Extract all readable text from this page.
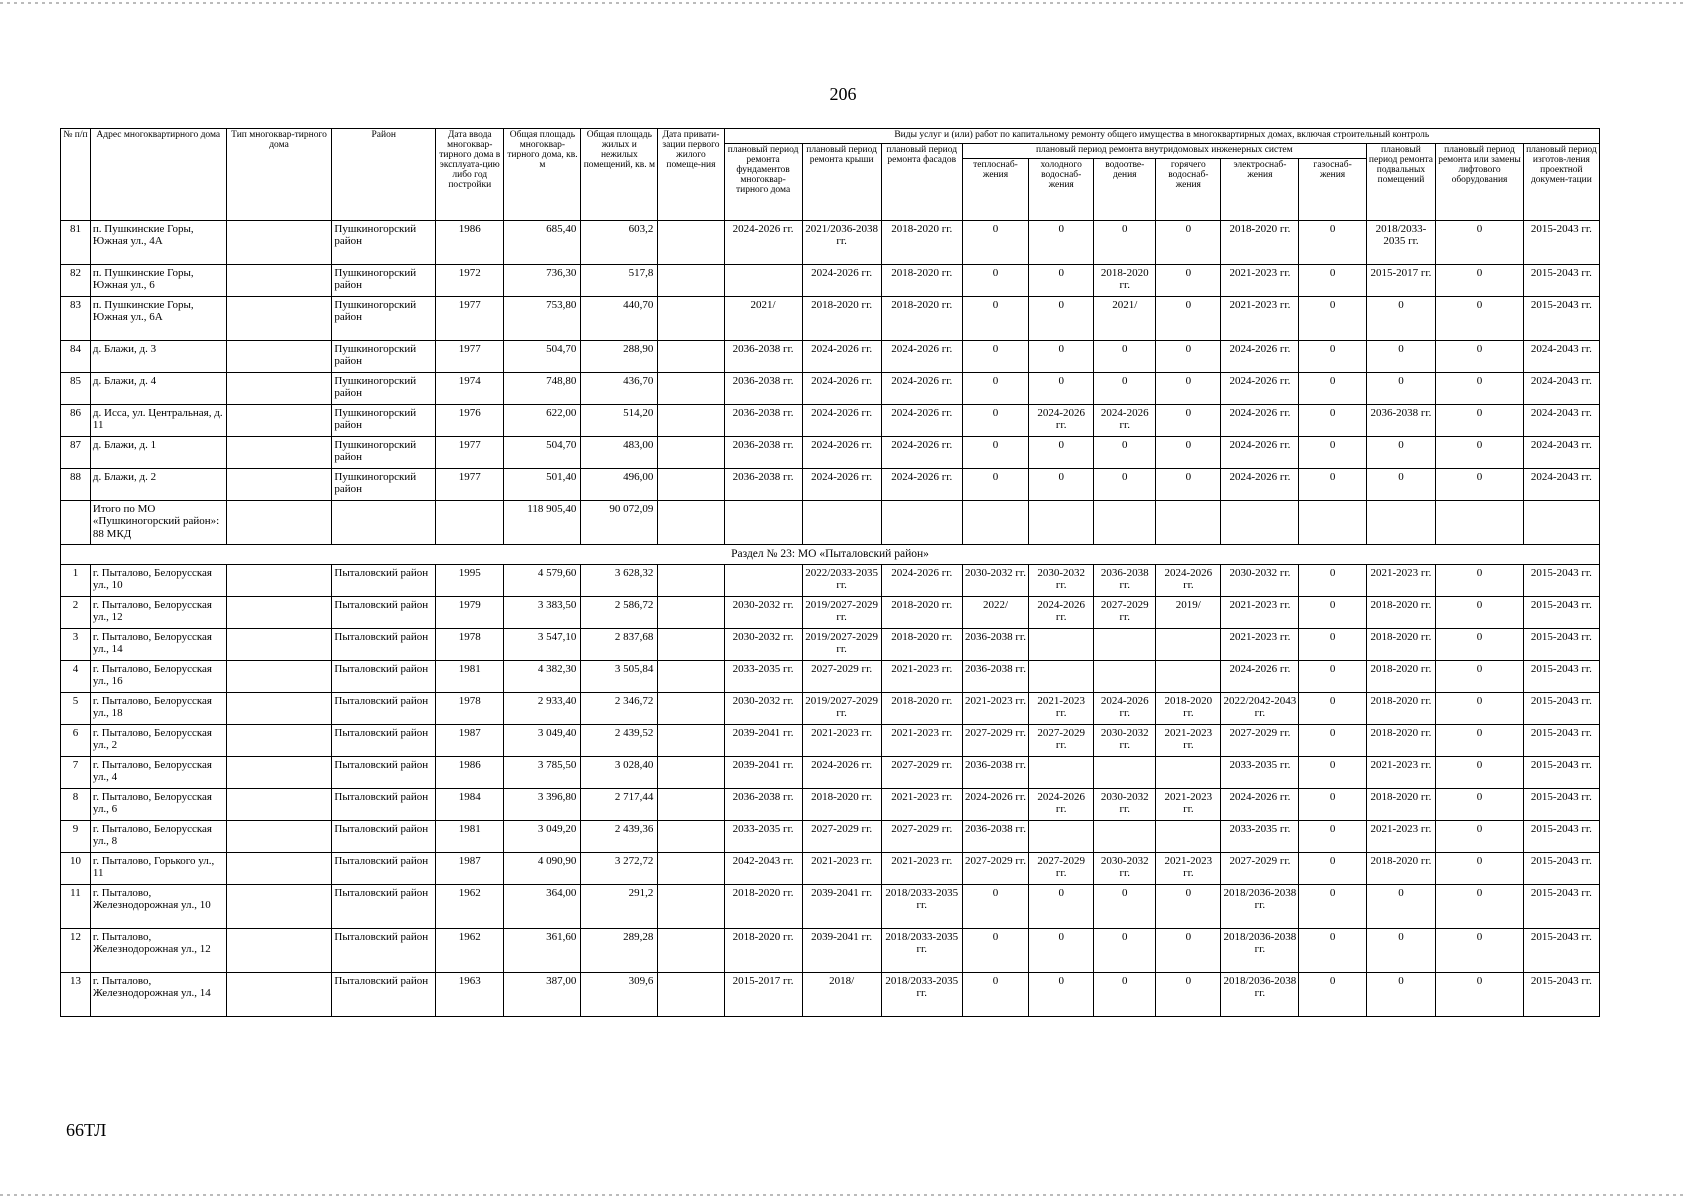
206
№ п/п	Адрес многоквартирного дома	Тип многоквар-тирного дома	Район	Дата ввода многоквар-тирного дома в эксплуата-цию либо год постройки	Общая площадь многоквар-тирного дома, кв. м	Общая площадь жилых и нежилых помещений, кв. м	Дата привати-зации первого жилого помеще-ния	Виды услуг и (или) работ по капитальному ремонту общего имущества в многоквартирных домах, включая строительный контроль											
								плановый период ремонта фундаментов многоквар-тирного дома	плановый период ремонта крыши	плановый период ремонта фасадов	плановый период ремонта внутридомовых инженерных систем						плановый период ремонта подвальных помещений	плановый период ремонта или замены лифтового оборудования	плановый период изготов-ления проектной докумен-тации
											теплоснаб-жения	холодного водоснаб-жения	водоотве-дения	горячего водоснаб-жения	электроснаб-жения	газоснаб-жения			
81	п. Пушкинские Горы, Южная ул., 4А		Пушкиногорский район	1986	685,40	603,2		2024-2026 гг.	2021/2036-2038 гг.	2018-2020 гг.	0	0	0	0	2018-2020 гг.	0	2018/2033-2035 гг.	0	2015-2043 гг.
82	п. Пушкинские Горы, Южная ул., 6		Пушкиногорский район	1972	736,30	517,8			2024-2026 гг.	2018-2020 гг.	0	0	2018-2020 гг.	0	2021-2023 гг.	0	2015-2017 гг.	0	2015-2043 гг.
83	п. Пушкинские Горы, Южная ул., 6А		Пушкиногорский район	1977	753,80	440,70		2021/	2018-2020 гг.	2018-2020 гг.	0	0	2021/	0	2021-2023 гг.	0	0	0	2015-2043 гг.
84	д. Блажи, д. 3		Пушкиногорский район	1977	504,70	288,90		2036-2038 гг.	2024-2026 гг.	2024-2026 гг.	0	0	0	0	2024-2026 гг.	0	0	0	2024-2043 гг.
85	д. Блажи, д. 4		Пушкиногорский район	1974	748,80	436,70		2036-2038 гг.	2024-2026 гг.	2024-2026 гг.	0	0	0	0	2024-2026 гг.	0	0	0	2024-2043 гг.
86	д. Исса, ул. Центральная, д. 11		Пушкиногорский район	1976	622,00	514,20		2036-2038 гг.	2024-2026 гг.	2024-2026 гг.	0	2024-2026 гг.	2024-2026 гг.	0	2024-2026 гг.	0	2036-2038 гг.	0	2024-2043 гг.
87	д. Блажи, д. 1		Пушкиногорский район	1977	504,70	483,00		2036-2038 гг.	2024-2026 гг.	2024-2026 гг.	0	0	0	0	2024-2026 гг.	0	0	0	2024-2043 гг.
88	д. Блажи, д. 2		Пушкиногорский район	1977	501,40	496,00		2036-2038 гг.	2024-2026 гг.	2024-2026 гг.	0	0	0	0	2024-2026 гг.	0	0	0	2024-2043 гг.
	Итого по МО «Пушкиногорский район»: 88 МКД				118 905,40	90 072,09													
Раздел № 23: МО «Пыталовский район»																			
1	г. Пыталово, Белорусская ул., 10		Пыталовский район	1995	4 579,60	3 628,32			2022/2033-2035 гг.	2024-2026 гг.	2030-2032 гг.	2030-2032 гг.	2036-2038 гг.	2024-2026 гг.	2030-2032 гг.	0	2021-2023 гг.	0	2015-2043 гг.
2	г. Пыталово, Белорусская ул., 12		Пыталовский район	1979	3 383,50	2 586,72		2030-2032 гг.	2019/2027-2029 гг.	2018-2020 гг.	2022/	2024-2026 гг.	2027-2029 гг.	2019/	2021-2023 гг.	0	2018-2020 гг.	0	2015-2043 гг.
3	г. Пыталово, Белорусская ул., 14		Пыталовский район	1978	3 547,10	2 837,68		2030-2032 гг.	2019/2027-2029 гг.	2018-2020 гг.	2036-2038 гг.				2021-2023 гг.	0	2018-2020 гг.	0	2015-2043 гг.
4	г. Пыталово, Белорусская ул., 16		Пыталовский район	1981	4 382,30	3 505,84		2033-2035 гг.	2027-2029 гг.	2021-2023 гг.	2036-2038 гг.				2024-2026 гг.	0	2018-2020 гг.	0	2015-2043 гг.
5	г. Пыталово, Белорусская ул., 18		Пыталовский район	1978	2 933,40	2 346,72		2030-2032 гг.	2019/2027-2029 гг.	2018-2020 гг.	2021-2023 гг.	2021-2023 гг.	2024-2026 гг.	2018-2020 гг.	2022/2042-2043 гг.	0	2018-2020 гг.	0	2015-2043 гг.
6	г. Пыталово, Белорусская ул., 2		Пыталовский район	1987	3 049,40	2 439,52		2039-2041 гг.	2021-2023 гг.	2021-2023 гг.	2027-2029 гг.	2027-2029 гг.	2030-2032 гг.	2021-2023 гг.	2027-2029 гг.	0	2018-2020 гг.	0	2015-2043 гг.
7	г. Пыталово, Белорусская ул., 4		Пыталовский район	1986	3 785,50	3 028,40		2039-2041 гг.	2024-2026 гг.	2027-2029 гг.	2036-2038 гг.				2033-2035 гг.	0	2021-2023 гг.	0	2015-2043 гг.
8	г. Пыталово, Белорусская ул., 6		Пыталовский район	1984	3 396,80	2 717,44		2036-2038 гг.	2018-2020 гг.	2021-2023 гг.	2024-2026 гг.	2024-2026 гг.	2030-2032 гг.	2021-2023 гг.	2024-2026 гг.	0	2018-2020 гг.	0	2015-2043 гг.
9	г. Пыталово, Белорусская ул., 8		Пыталовский район	1981	3 049,20	2 439,36		2033-2035 гг.	2027-2029 гг.	2027-2029 гг.	2036-2038 гг.				2033-2035 гг.	0	2021-2023 гг.	0	2015-2043 гг.
10	г. Пыталово, Горького ул., 11		Пыталовский район	1987	4 090,90	3 272,72		2042-2043 гг.	2021-2023 гг.	2021-2023 гг.	2027-2029 гг.	2027-2029 гг.	2030-2032 гг.	2021-2023 гг.	2027-2029 гг.	0	2018-2020 гг.	0	2015-2043 гг.
11	г. Пыталово, Железнодорожная ул., 10		Пыталовский район	1962	364,00	291,2		2018-2020 гг.	2039-2041 гг.	2018/2033-2035 гг.	0	0	0	0	2018/2036-2038 гг.	0	0	0	2015-2043 гг.
12	г. Пыталово, Железнодорожная ул., 12		Пыталовский район	1962	361,60	289,28		2018-2020 гг.	2039-2041 гг.	2018/2033-2035 гг.	0	0	0	0	2018/2036-2038 гг.	0	0	0	2015-2043 гг.
13	г. Пыталово, Железнодорожная ул., 14		Пыталовский район	1963	387,00	309,6		2015-2017 гг.	2018/	2018/2033-2035 гг.	0	0	0	0	2018/2036-2038 гг.	0	0	0	2015-2043 гг.
66ТЛ
